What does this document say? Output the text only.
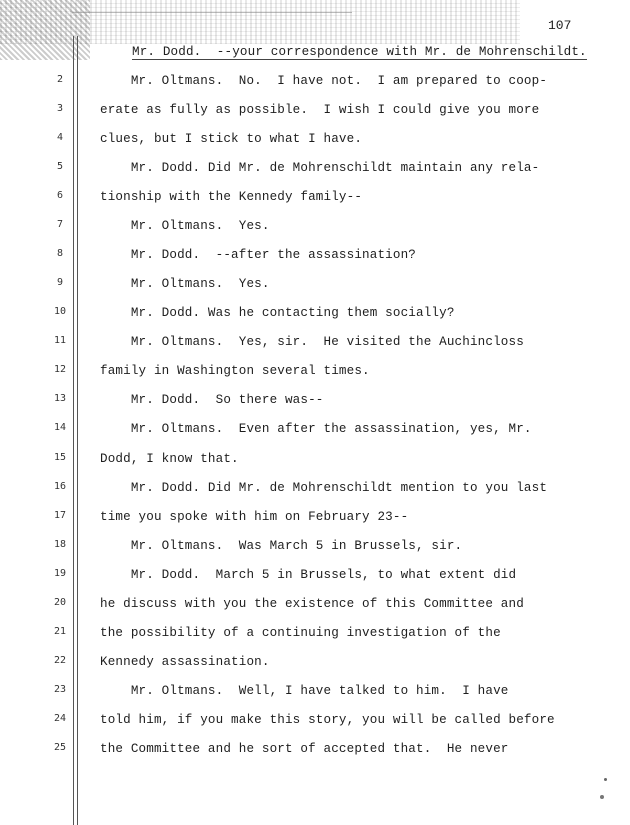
107
2
3
4
5
6
7
8
9
10
11
12
13
14
15
16
17
18
19
20
21
22
23
24
25
Mr. Dodd.  --your correspondence with Mr. de Mohrenschildt.
Mr. Oltmans.  No.  I have not.  I am prepared to coop-
erate as fully as possible.  I wish I could give you more
clues, but I stick to what I have.
Mr. Dodd. Did Mr. de Mohrenschildt maintain any rela-
tionship with the Kennedy family--
Mr. Oltmans.  Yes.
Mr. Dodd.  --after the assassination?
Mr. Oltmans.  Yes.
Mr. Dodd. Was he contacting them socially?
Mr. Oltmans.  Yes, sir.  He visited the Auchincloss
family in Washington several times.
Mr. Dodd.  So there was--
Mr. Oltmans.  Even after the assassination, yes, Mr.
Dodd, I know that.
Mr. Dodd. Did Mr. de Mohrenschildt mention to you last
time you spoke with him on February 23--
Mr. Oltmans.  Was March 5 in Brussels, sir.
Mr. Dodd.  March 5 in Brussels, to what extent did
he discuss with you the existence of this Committee and
the possibility of a continuing investigation of the
Kennedy assassination.
Mr. Oltmans.  Well, I have talked to him.  I have
told him, if you make this story, you will be called before
the Committee and he sort of accepted that.  He never
